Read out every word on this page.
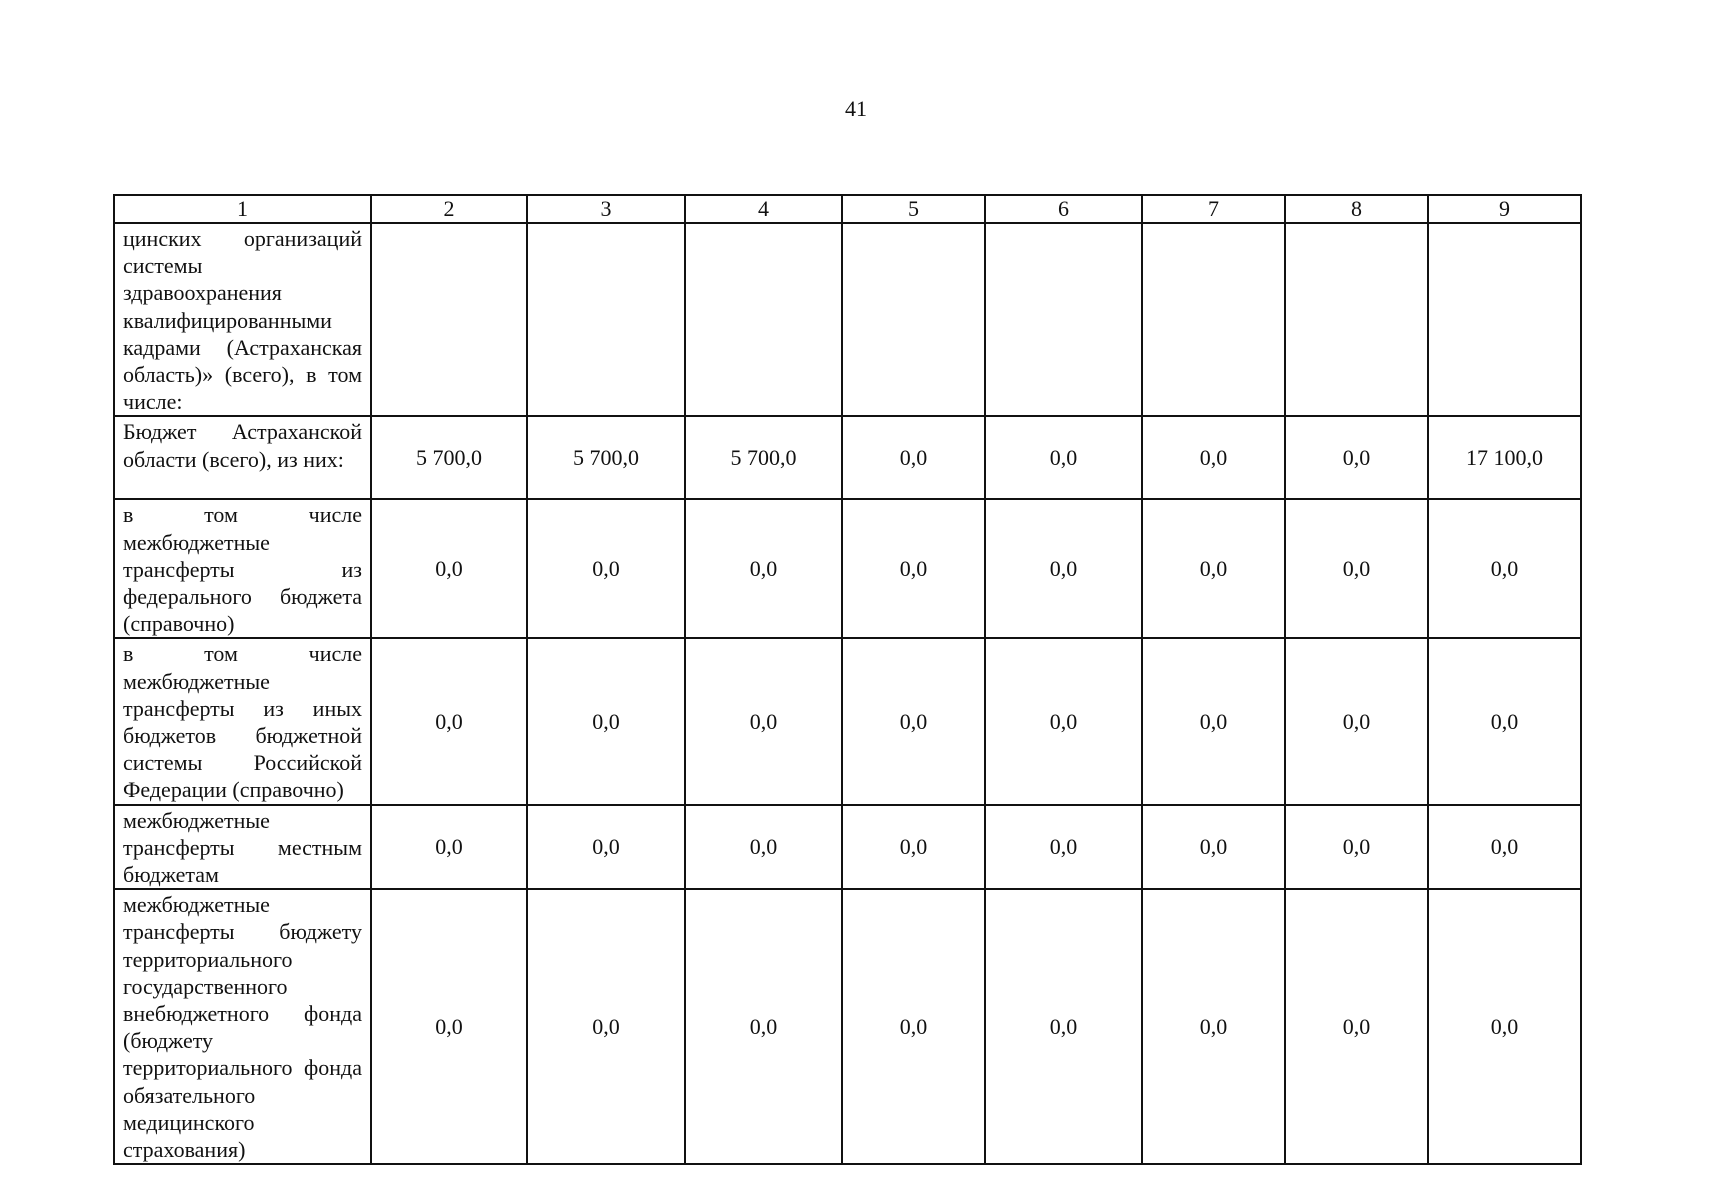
41
1	2	3	4	5	6	7	8	9
цинских организаций системы здравоохранения квалифицированными кадрами (Астраханская область)» (всего), в том числе:								
Бюджет Астраханской области (всего), из них:	5 700,0	5 700,0	5 700,0	0,0	0,0	0,0	0,0	17 100,0
в том числе межбюджетные трансферты из федерального бюджета (справочно)	0,0	0,0	0,0	0,0	0,0	0,0	0,0	0,0
в том числе межбюджетные трансферты из иных бюджетов бюджетной системы Российской Федерации (справочно)	0,0	0,0	0,0	0,0	0,0	0,0	0,0	0,0
межбюджетные трансферты местным бюджетам	0,0	0,0	0,0	0,0	0,0	0,0	0,0	0,0
межбюджетные трансферты бюджету территориального государственного внебюджетного фонда (бюджету территориального фонда обязательного медицинского страхования)	0,0	0,0	0,0	0,0	0,0	0,0	0,0	0,0
